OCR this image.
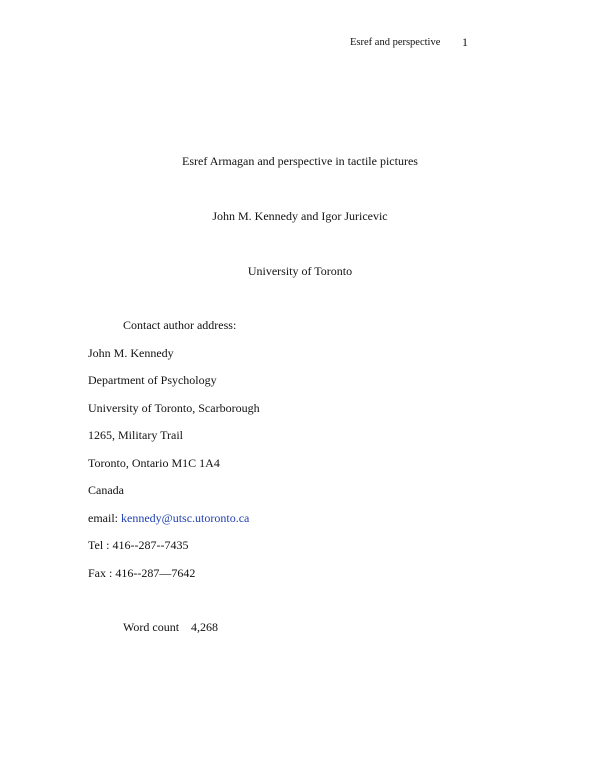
Esref and perspective 1
Esref Armagan and perspective in tactile pictures
John M. Kennedy and Igor Juricevic
University of Toronto
Contact author address:
John M. Kennedy
Department of Psychology
University of Toronto, Scarborough
1265, Military Trail
Toronto, Ontario M1C 1A4
Canada
email: kennedy@utsc.utoronto.ca
Tel : 416--287--7435
Fax : 416--287—7642
Word count 4,268
